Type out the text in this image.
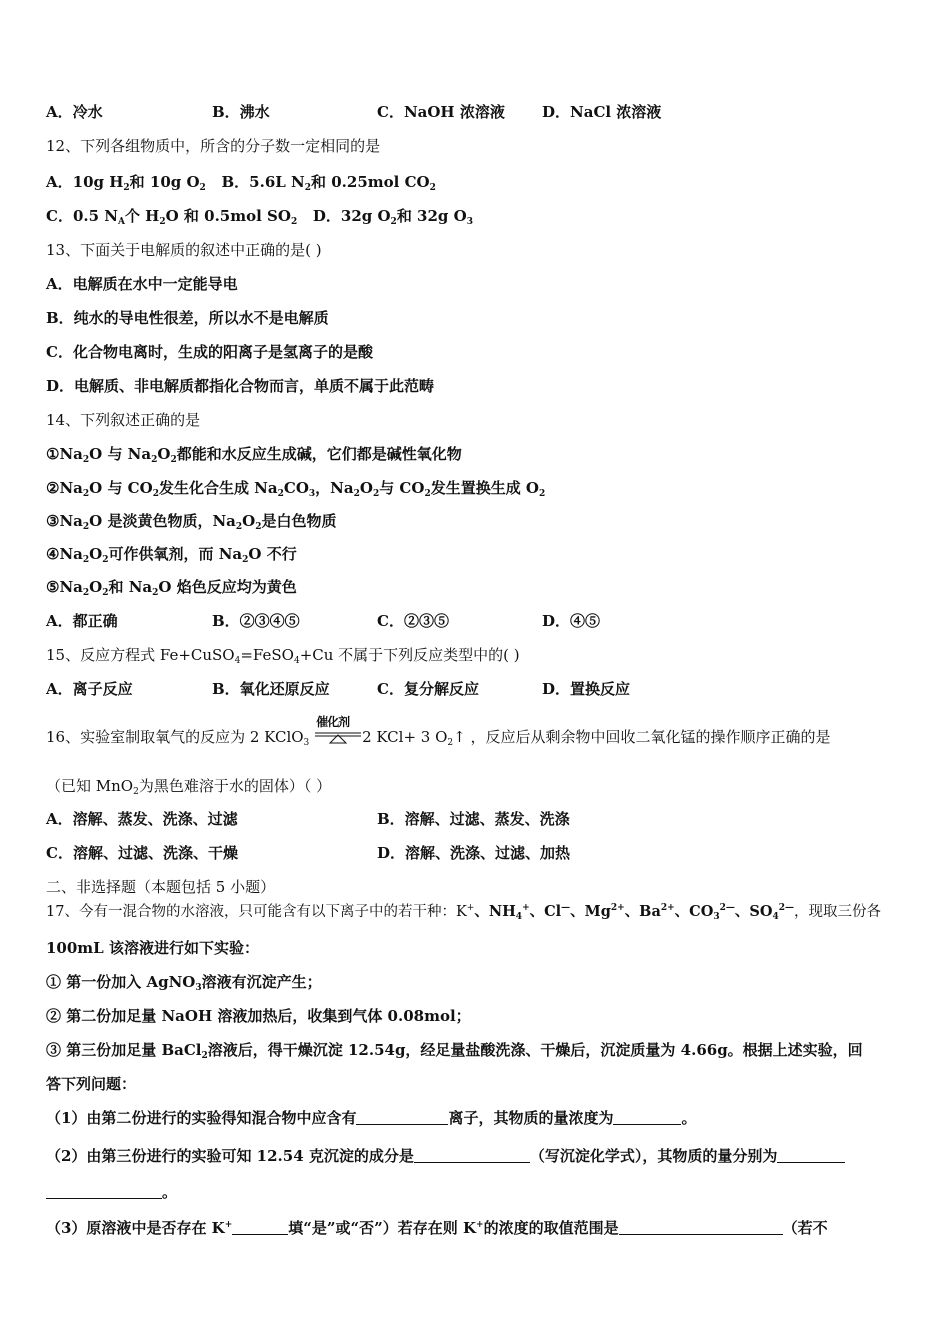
A．冷水	B．沸水	C．NaOH 浓溶液 D．NaCl 浓溶液
12、下列各组物质中，所含的分子数一定相同的是
A．10g $H_2$和 10g $O_2$ B．5.6L $N_2$和 0.25mol $CO_2$
C．0.5 $N_A$个 $H_2O$ 和 0.5mol $SO_2$ D．32g $O_2$和 32g $O_3$
13、下面关于电解质的叙述中正确的是( )
A．电解质在水中一定能导电
B．纯水的导电性很差，所以水不是电解质
C．化合物电离时，生成的阳离子是氢离子的是酸
D．电解质、非电解质都指化合物而言，单质不属于此范畴
14、下列叙述正确的是
$①Na_2O$ 与 $Na_2O_2$都能和水反应生成碱，它们都是碱性氧化物
$②Na_2O$ 与 $CO_2$发生化合生成 $Na_2CO_3$，$Na_2O_2$与 $CO_2$发生置换生成 $O_2$
$③Na_2O$ 是淡黄色物质，$Na_2O_2$是白色物质
$④Na_2O_2$可作供氧剂，而 $Na_2O$ 不行
$⑤Na_2O_2$和 $Na_2O$ 焰色反应均为黄色
A．都正确	B．②③④⑤	C．②③⑤	D．④⑤
15、反应方程式 Fe+CuSO$_4$=FeSO$_4$+Cu 不属于下列反应类型中的( )
A．离子反应	B．氧化还原反应	C．复分解反应	D．置换反应
16、实验室制取氧气的反应为 2 KClO$_3$
催化剂
2 KCl+ 3 $O_2↑$ ，反应后从剩余物中回收二氧化锰的操作顺序正确的是
（已知 MnO$_2$为黑色难溶于水的固体）（ ）
A．溶解、蒸发、洗涤、过滤	B．溶解、过滤、蒸发、洗涤
C．溶解、过滤、洗涤、干燥	D．溶解、洗涤、过滤、加热
二、非选择题（本题包括 5 小题）
17、今有一混合物的水溶液，只可能含有以下离子中的若干种：K+、$NH_4^+$、Cl—、$Mg^{2+}$、$Ba^{2+}$、$CO_3^{2—}$、$SO_4^{2—}$，现取三份各
100mL 该溶液进行如下实验：
① 第一份加入 AgNO$_3$溶液有沉淀产生；
② 第二份加足量 NaOH 溶液加热后，收集到气体 0.08mol；
③ 第三份加足量 BaCl$_2$溶液后，得干燥沉淀 12.54g，经足量盐酸洗涤、干燥后，沉淀质量为 4.66g。根据上述实验，回
答下列问题：
（1）由第二份进行的实验得知混合物中应含有	离子，其物质的量浓度为	。
（2）由第三份进行的实验可知 12.54 克沉淀的成分是	（写沉淀化学式），其物质的量分别为
。
（3）原溶液中是否存在 K+	填“是”或“否”）若存在则 K+的浓度的取值范围是	（若不
